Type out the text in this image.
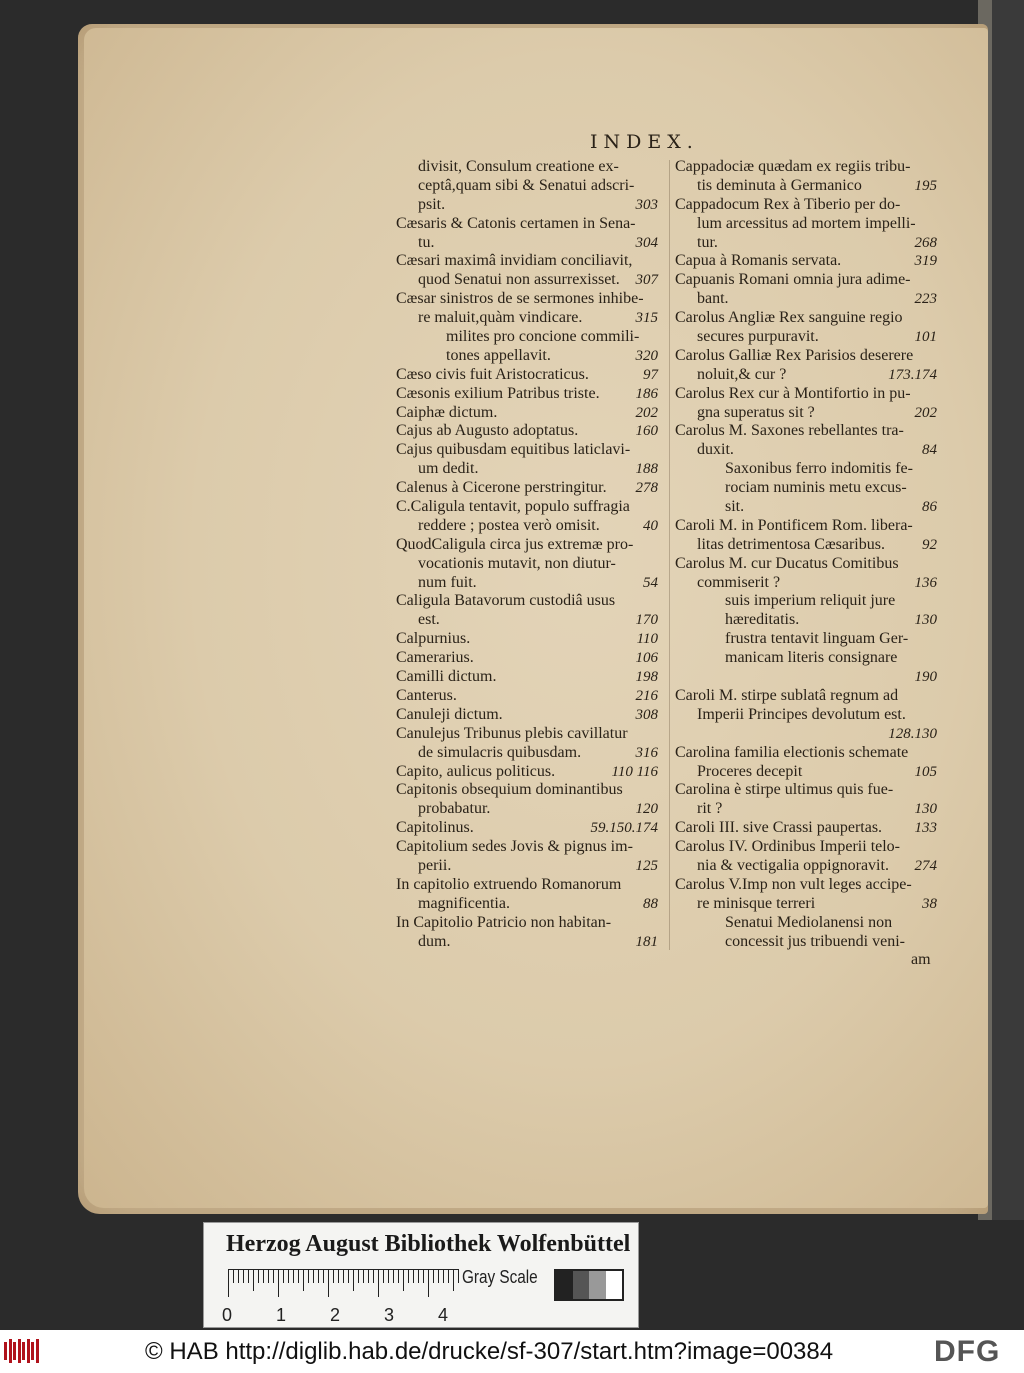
INDEX.
divisit, Consulum creatione ex-
ceptâ,quam sibi & Senatui adscri-
psit.	303
Cæsaris & Catonis certamen in Sena-
tu.	304
Cæsari maximâ invidiam conciliavit,
quod Senatui non assurrexisset. 307
Cæsar sinistros de se sermones inhibe-
re maluit,quàm vindicare.	315
milites pro concione commili-
tones appellavit.	320
Cæso civis fuit Aristocraticus.	97
Cæsonis exilium Patribus triste. 186
Caiphæ dictum.	202
Cajus ab Augusto adoptatus.	160
Cajus quibusdam equitibus laticlavi-
um dedit.	188
Calenus à Cicerone perstringitur. 278
C.Caligula tentavit, populo suffragia
reddere ; postea verò omisit.	40
QuodCaligula circa jus extremæ pro-
vocationis mutavit, non diutur-
num fuit.	54
Caligula Batavorum custodiâ usus
est.	170
Calpurnius.	110
Camerarius.	106
Camilli dictum.	198
Canterus.	216
Canuleji dictum.	308
Canulejus Tribunus plebis cavillatur
de simulacris quibusdam.	316
Capito, aulicus politicus.	110 116
Capitonis obsequium dominantibus
probabatur.	120
Capitolinus.	59.150.174
Capitolium sedes Jovis & pignus im-
perii.	125
In capitolio extruendo Romanorum
magnificentia.	88
In Capitolio Patricio non habitan-
dum.	181
Cappadociæ quædam ex regiis tribu-
tis deminuta à Germanico	195
Cappadocum Rex à Tiberio per do-
lum arcessitus ad mortem impelli-
tur.	268
Capua à Romanis servata.	319
Capuanis Romani omnia jura adime-
bant.	223
Carolus Angliæ Rex sanguine regio
secures purpuravit.	101
Carolus Galliæ Rex Parisios deserere
noluit,& cur ?	173.174
Carolus Rex cur à Montifortio in pu-
gna superatus sit ?	202
Carolus M. Saxones rebellantes tra-
duxit.	84
Saxonibus ferro indomitis fe-
rociam numinis metu excus-
sit.	86
Caroli M. in Pontificem Rom. libera-
litas detrimentosa Cæsaribus. 92
Carolus M. cur Ducatus Comitibus
commiserit ?	136
suis imperium reliquit jure
hæreditatis.	130
frustra tentavit linguam Ger-
manicam literis consignare
190
Caroli M. stirpe sublatâ regnum ad
Imperii Principes devolutum est.
128.130
Carolina familia electionis schemate
Proceres decepit	105
Carolina è stirpe ultimus quis fue-
rit ?	130
Caroli III. sive Crassi paupertas. 133
Carolus IV. Ordinibus Imperii telo-
nia & vectigalia oppignoravit. 274
Carolus V.Imp non vult leges accipe-
re minisque terreri	38
Senatui Mediolanensi non
concessit jus tribuendi veni-
am
Herzog August Bibliothek Wolfenbüttel
0 1 2 3 4
Gray Scale
© HAB http://diglib.hab.de/drucke/sf-307/start.htm?image=00384	DFG
